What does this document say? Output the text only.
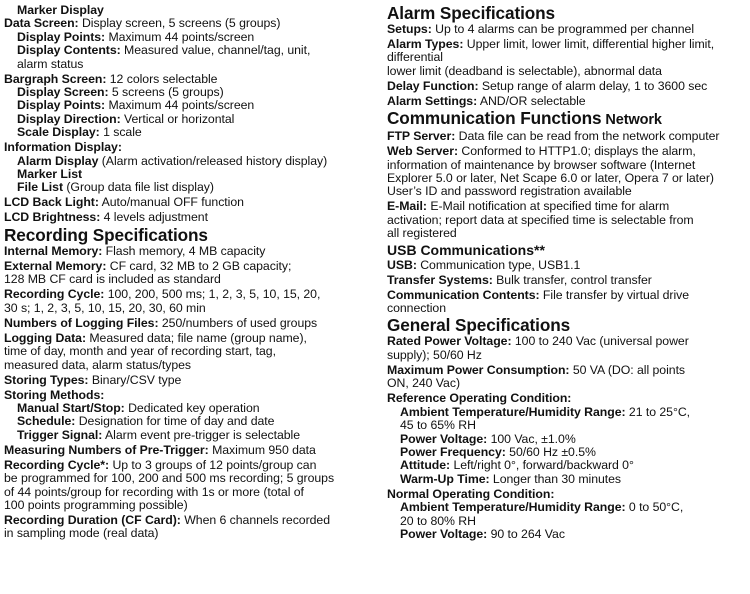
Marker Display
Data Screen: Display screen, 5 screens (5 groups)
Display Points: Maximum 44 points/screen
Display Contents: Measured value, channel/tag, unit,
alarm status
Bargraph Screen: 12 colors selectable
Display Screen: 5 screens (5 groups)
Display Points: Maximum 44 points/screen
Display Direction: Vertical or horizontal
Scale Display: 1 scale
Information Display:
Alarm Display (Alarm activation/released history display)
Marker List
File List (Group data file list display)
LCD Back Light: Auto/manual OFF function
LCD Brightness: 4 levels adjustment
Recording Specifications
Internal Memory: Flash memory, 4 MB capacity
External Memory: CF card, 32 MB to 2 GB capacity;
128 MB CF card is included as standard
Recording Cycle: 100, 200, 500 ms; 1, 2, 3, 5, 10, 15, 20,
30 s; 1, 2, 3, 5, 10, 15, 20, 30, 60 min
Numbers of Logging Files: 250/numbers of used groups
Logging Data: Measured data; file name (group name),
time of day, month and year of recording start, tag,
measured data, alarm status/types
Storing Types: Binary/CSV type
Storing Methods:
Manual Start/Stop: Dedicated key operation
Schedule: Designation for time of day and date
Trigger Signal: Alarm event pre-trigger is selectable
Measuring Numbers of Pre-Trigger: Maximum 950 data
Recording Cycle*: Up to 3 groups of 12 points/group can
be programmed for 100, 200 and 500 ms recording; 5 groups
of 44 points/group for recording with 1s or more (total of
100 points programming possible)
Recording Duration (CF Card): When 6 channels recorded
in sampling mode (real data)
Alarm Specifications
Setups: Up to 4 alarms can be programmed per channel
Alarm Types: Upper limit, lower limit, differential higher limit,
differential
lower limit (deadband is selectable), abnormal data
Delay Function: Setup range of alarm delay, 1 to 3600 sec
Alarm Settings: AND/OR selectable
Communication Functions Network
FTP Server: Data file can be read from the network computer
Web Server: Conformed to HTTP1.0; displays the alarm,
information of maintenance by browser software (Internet
Explorer 5.0 or later, Net Scape 6.0 or later, Opera 7 or later)
User’s ID and password registration available
E-Mail: E-Mail notification at specified time for alarm
activation; report data at specified time is selectable from
all registered
USB Communications**
USB: Communication type, USB1.1
Transfer Systems: Bulk transfer, control transfer
Communication Contents: File transfer by virtual drive
connection
General Specifications
Rated Power Voltage: 100 to 240 Vac (universal power
supply); 50/60 Hz
Maximum Power Consumption: 50 VA (DO: all points
ON, 240 Vac)
Reference Operating Condition:
Ambient Temperature/Humidity Range: 21 to 25°C,
45 to 65% RH
Power Voltage: 100 Vac, ±1.0%
Power Frequency: 50/60 Hz ±0.5%
Attitude: Left/right 0°, forward/backward 0°
Warm-Up Time: Longer than 30 minutes
Normal Operating Condition:
Ambient Temperature/Humidity Range: 0 to 50°C,
20 to 80% RH
Power Voltage: 90 to 264 Vac
